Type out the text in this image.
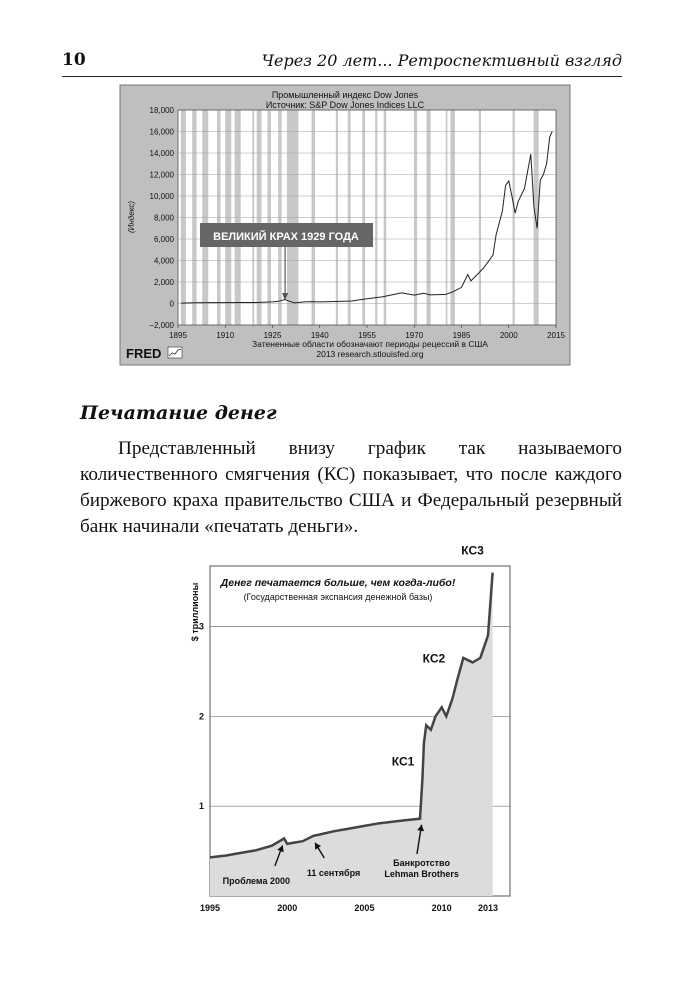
10	Через 20 лет... Ретроспективный взгляд
Промышленный индекс Dow Jones
Источник: S&P Dow Jones Indices LLC
18,000
16,000
14,000
12,000
10,000
8,000
6,000
4,000
2,000
0
−2,000
1895	1910	1925	1940	1955	1970	1985	2000	2015
ВЕЛИКИЙ КРАХ 1929 ГОДА
(Индекс)
Затененные области обозначают периоды рецессий в США
2013 research.stlouisfed.org
FRED
Печатание денег
Представленный внизу график так называемого количественного смягчения (КС) показывает, что после каждого биржевого краха правительство США и Федеральный резервный банк начинали «печатать деньги».
Денег печатается больше, чем когда-либо!
(Государственная экспансия денежной базы)
$ триллионы
1
2
3
1995	2000	2005	2010	2013
КС3
КС2
КС1
Проблема 2000
11 сентября
Банкротство
Lehman Brothers
